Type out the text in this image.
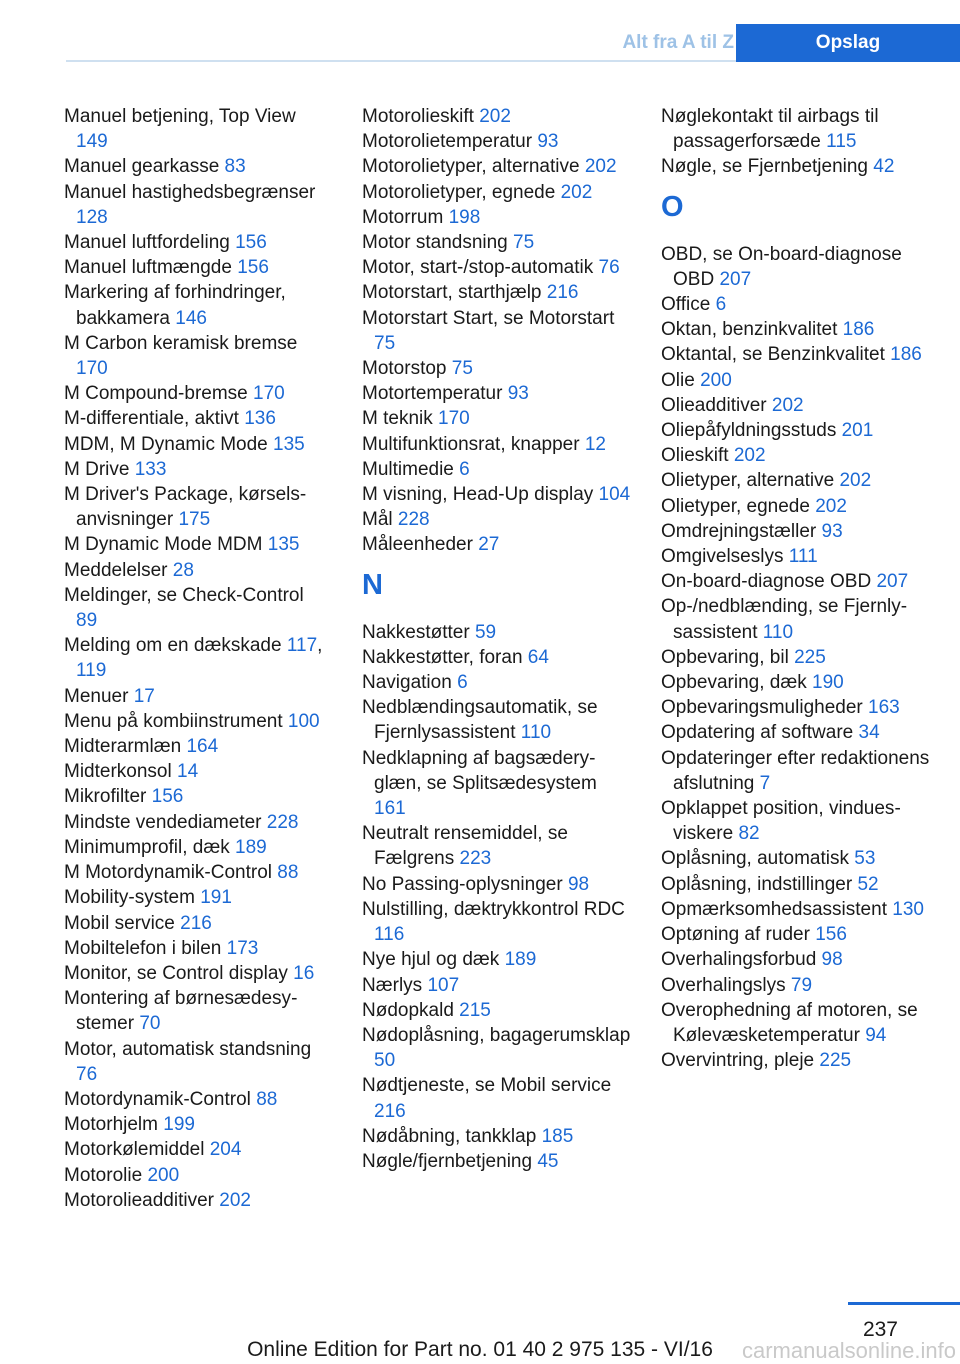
Alt fra A til Z	Opslag
Manuel betjening, Top View 149
Manuel gearkasse 83
Manuel hastighedsbegrænser 128
Manuel luftfordeling 156
Manuel luftmængde 156
Markering af forhindringer, bakkamera 146
M Carbon keramisk bremse 170
M Compound-bremse 170
M-differentiale, aktivt 136
MDM, M Dynamic Mode 135
M Drive 133
M Driver's Package, kørselsanvisninger 175
M Dynamic Mode MDM 135
Meddelelser 28
Meldinger, se Check-Control 89
Melding om en dækskade 117, 119
Menuer 17
Menu på kombiinstrument 100
Midterarmlæn 164
Midterkonsol 14
Mikrofilter 156
Mindste vendediameter 228
Minimumprofil, dæk 189
M Motordynamik-Control 88
Mobility-system 191
Mobil service 216
Mobiltelefon i bilen 173
Monitor, se Control display 16
Montering af børnesædesystemer 70
Motor, automatisk standsning 76
Motordynamik-Control 88
Motorhjelm 199
Motorkølemiddel 204
Motorolie 200
Motorolieadditiver 202
Motorolieskift 202
Motorolietemperatur 93
Motorolietyper, alternative 202
Motorolietyper, egnede 202
Motorrum 198
Motor standsning 75
Motor, start-/stop-automatik 76
Motorstart, starthjælp 216
Motorstart Start, se Motorstart 75
Motorstop 75
Motortemperatur 93
M teknik 170
Multifunktionsrat, knapper 12
Multimedie 6
M visning, Head-Up display 104
Mål 228
Måleenheder 27
N
Nakkestøtter 59
Nakkestøtter, foran 64
Navigation 6
Nedblændingsautomatik, se Fjernlysassistent 110
Nedklapning af bagsæderyglæn, se Splitsædesystem 161
Neutralt rensemiddel, se Fælgrens 223
No Passing-oplysninger 98
Nulstilling, dæktrykkontrol RDC 116
Nye hjul og dæk 189
Nærlys 107
Nødopkald 215
Nødoplåsning, bagagerumsklap 50
Nødtjeneste, se Mobil service 216
Nødåbning, tankklap 185
Nøgle/fjernbetjening 45
Nøglekontakt til airbags til passagerforsæde 115
Nøgle, se Fjernbetjening 42
O
OBD, se On-board-diagnose OBD 207
Office 6
Oktan, benzinkvalitet 186
Oktantal, se Benzinkvalitet 186
Olie 200
Olieadditiver 202
Oliepåfyldningsstuds 201
Olieskift 202
Olietyper, alternative 202
Olietyper, egnede 202
Omdrejningstæller 93
Omgivelseslys 111
On-board-diagnose OBD 207
Op-/nedblænding, se Fjernlysassistent 110
Opbevaring, bil 225
Opbevaring, dæk 190
Opbevaringsmuligheder 163
Opdatering af software 34
Opdateringer efter redaktionens afslutning 7
Opklappet position, vinduesviskere 82
Oplåsning, automatisk 53
Oplåsning, indstillinger 52
Opmærksomhedsassistent 130
Optøning af ruder 156
Overhalingsforbud 98
Overhalingslys 79
Overophedning af motoren, se Kølevæsketemperatur 94
Overvintring, pleje 225
237
Online Edition for Part no. 01 40 2 975 135 - VI/16	carmanualsonline.info
